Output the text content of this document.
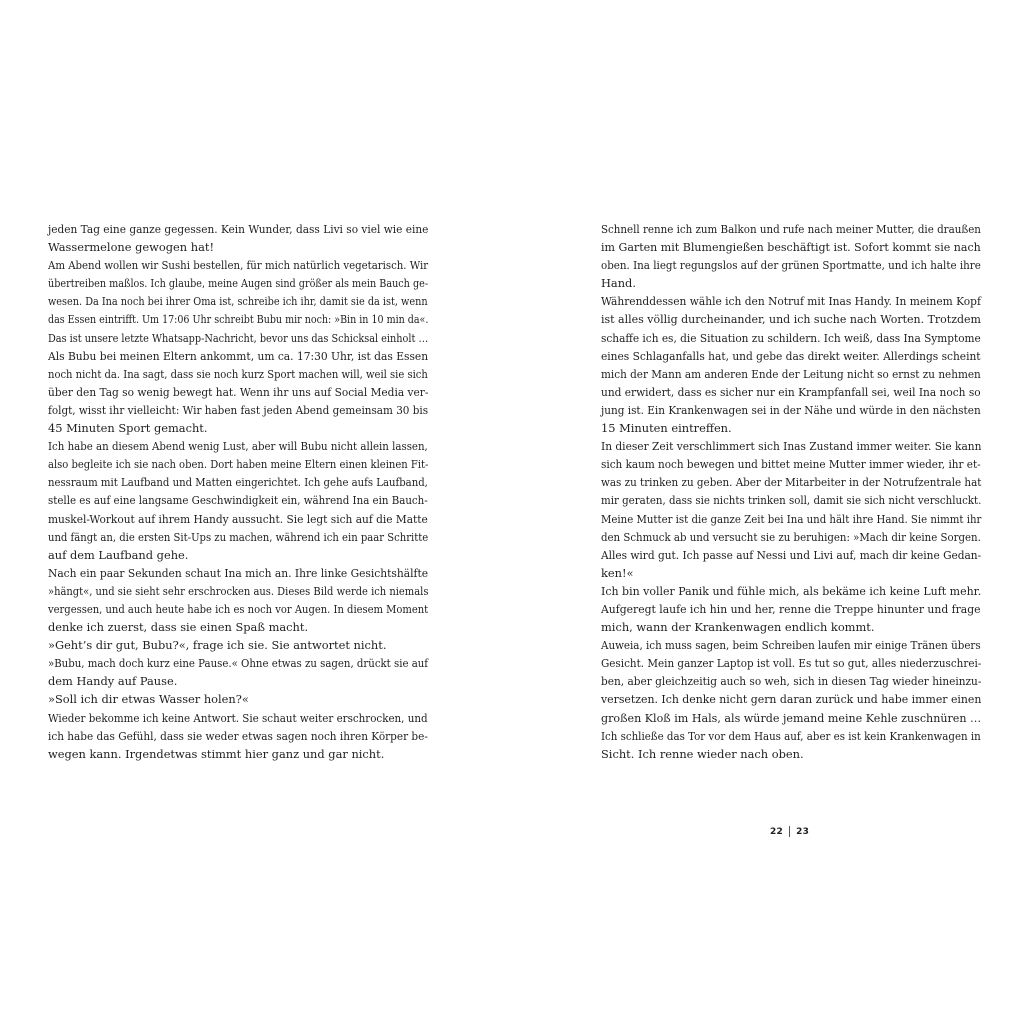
jeden Tag eine ganze gegessen. Kein Wunder, dass Livi so viel wie eine
Wassermelone gewogen hat!
Am Abend wollen wir Sushi bestellen, für mich natürlich vegetarisch. Wir
übertreiben maßlos. Ich glaube, meine Augen sind größer als mein Bauch ge-
wesen. Da Ina noch bei ihrer Oma ist, schreibe ich ihr, damit sie da ist, wenn
das Essen eintrifft. Um 17:06 Uhr schreibt Bubu mir noch: »Bin in 10 min da«.
Das ist unsere letzte Whatsapp-Nachricht, bevor uns das Schicksal einholt …
Als Bubu bei meinen Eltern ankommt, um ca. 17:30 Uhr, ist das Essen
noch nicht da. Ina sagt, dass sie noch kurz Sport machen will, weil sie sich
über den Tag so wenig bewegt hat. Wenn ihr uns auf Social Media ver-
folgt, wisst ihr vielleicht: Wir haben fast jeden Abend gemeinsam 30 bis
45 Minuten Sport gemacht.
Ich habe an diesem Abend wenig Lust, aber will Bubu nicht allein lassen,
also begleite ich sie nach oben. Dort haben meine Eltern einen kleinen Fit-
nessraum mit Laufband und Matten eingerichtet. Ich gehe aufs Laufband,
stelle es auf eine langsame Geschwindigkeit ein, während Ina ein Bauch-
muskel-Workout auf ihrem Handy aussucht. Sie legt sich auf die Matte
und fängt an, die ersten Sit-Ups zu machen, während ich ein paar Schritte
auf dem Laufband gehe.
Nach ein paar Sekunden schaut Ina mich an. Ihre linke Gesichtshälfte
»hängt«, und sie sieht sehr erschrocken aus. Dieses Bild werde ich niemals
vergessen, und auch heute habe ich es noch vor Augen. In diesem Moment
denke ich zuerst, dass sie einen Spaß macht.
»Geht’s dir gut, Bubu?«, frage ich sie. Sie antwortet nicht.
»Bubu, mach doch kurz eine Pause.« Ohne etwas zu sagen, drückt sie auf
dem Handy auf Pause.
»Soll ich dir etwas Wasser holen?«
Wieder bekomme ich keine Antwort. Sie schaut weiter erschrocken, und
ich habe das Gefühl, dass sie weder etwas sagen noch ihren Körper be-
wegen kann. Irgendetwas stimmt hier ganz und gar nicht.
Schnell renne ich zum Balkon und rufe nach meiner Mutter, die draußen
im Garten mit Blumengießen beschäftigt ist. Sofort kommt sie nach
oben. Ina liegt regungslos auf der grünen Sportmatte, und ich halte ihre
Hand.
Währenddessen wähle ich den Notruf mit Inas Handy. In meinem Kopf
ist alles völlig durcheinander, und ich suche nach Worten. Trotzdem
schaffe ich es, die Situation zu schildern. Ich weiß, dass Ina Symptome
eines Schlaganfalls hat, und gebe das direkt weiter. Allerdings scheint
mich der Mann am anderen Ende der Leitung nicht so ernst zu nehmen
und erwidert, dass es sicher nur ein Krampfanfall sei, weil Ina noch so
jung ist. Ein Krankenwagen sei in der Nähe und würde in den nächsten
15 Minuten eintreffen.
In dieser Zeit verschlimmert sich Inas Zustand immer weiter. Sie kann
sich kaum noch bewegen und bittet meine Mutter immer wieder, ihr et-
was zu trinken zu geben. Aber der Mitarbeiter in der Notrufzentrale hat
mir geraten, dass sie nichts trinken soll, damit sie sich nicht verschluckt.
Meine Mutter ist die ganze Zeit bei Ina und hält ihre Hand. Sie nimmt ihr
den Schmuck ab und versucht sie zu beruhigen: »Mach dir keine Sorgen.
Alles wird gut. Ich passe auf Nessi und Livi auf, mach dir keine Gedan-
ken!«
Ich bin voller Panik und fühle mich, als bekäme ich keine Luft mehr.
Aufgeregt laufe ich hin und her, renne die Treppe hinunter und frage
mich, wann der Krankenwagen endlich kommt.
Auweia, ich muss sagen, beim Schreiben laufen mir einige Tränen übers
Gesicht. Mein ganzer Laptop ist voll. Es tut so gut, alles niederzuschrei-
ben, aber gleichzeitig auch so weh, sich in diesen Tag wieder hineinzu-
versetzen. Ich denke nicht gern daran zurück und habe immer einen
großen Kloß im Hals, als würde jemand meine Kehle zuschnüren …
Ich schließe das Tor vor dem Haus auf, aber es ist kein Krankenwagen in
Sicht. Ich renne wieder nach oben.
22 23
